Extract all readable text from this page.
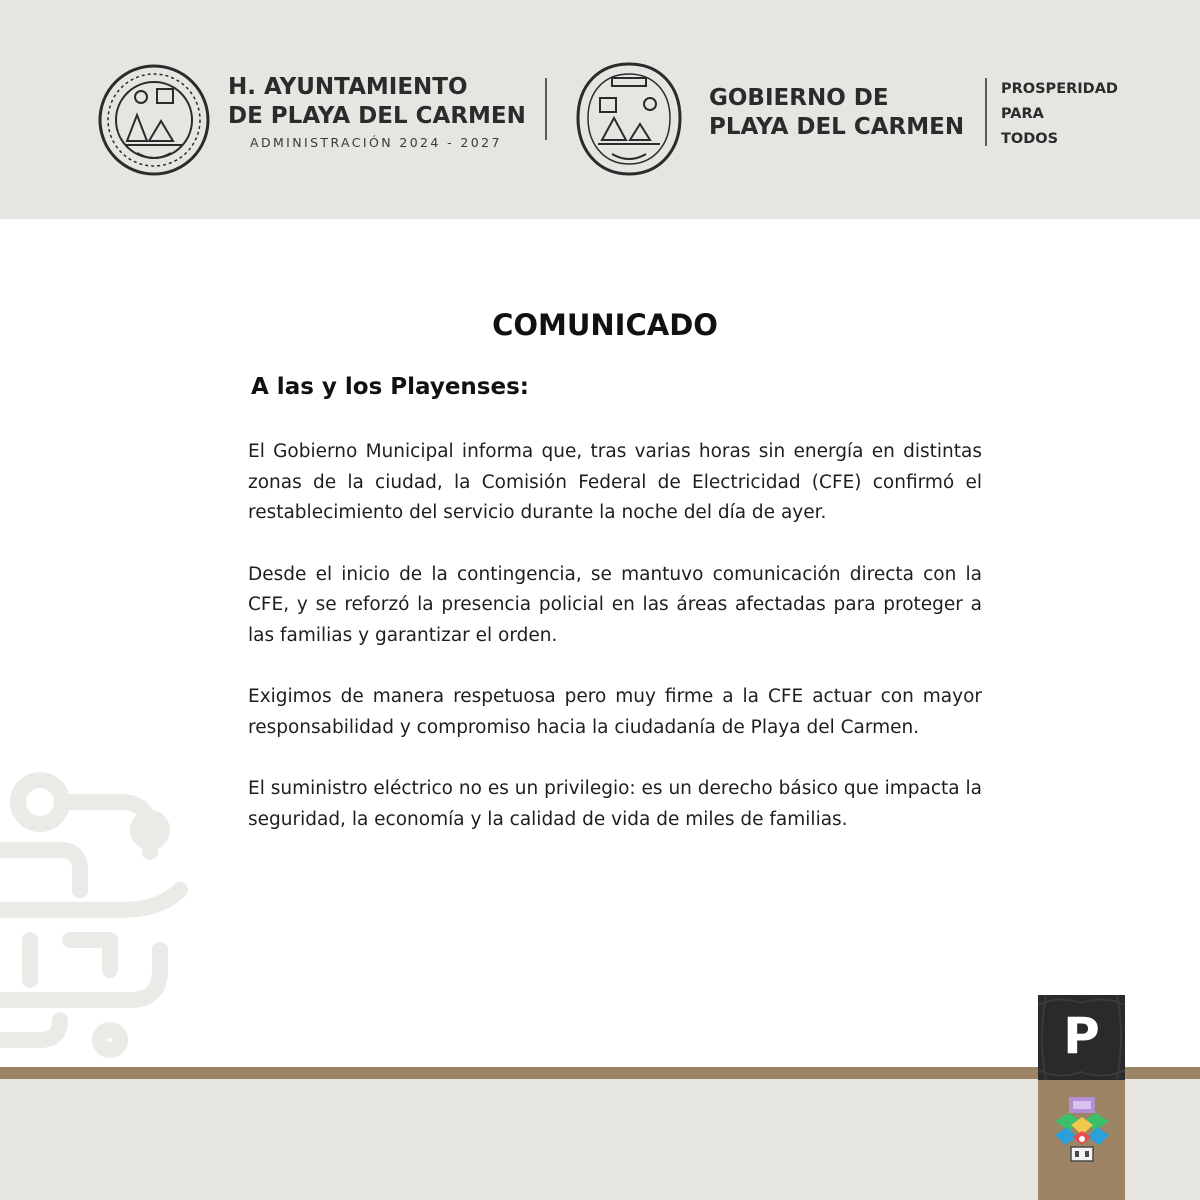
H. AYUNTAMIENTO
DE PLAYA DEL CARMEN
ADMINISTRACIÓN 2024 - 2027
GOBIERNO DE
PLAYA DEL CARMEN
PROSPERIDAD
PARA
TODOS
COMUNICADO
A las y los Playenses:

El Gobierno Municipal informa que, tras varias horas sin energía en distintas zonas de la ciudad, la Comisión Federal de Electricidad (CFE) confirmó el restablecimiento del servicio durante la noche del día de ayer.

Desde el inicio de la contingencia, se mantuvo comunicación directa con la CFE, y se reforzó la presencia policial en las áreas afectadas para proteger a las familias y garantizar el orden.

Exigimos de manera respetuosa pero muy firme a la CFE actuar con mayor responsabilidad y compromiso hacia la ciudadanía de Playa del Carmen.

El suministro eléctrico no es un privilegio: es un derecho básico que impacta la seguridad, la economía y la calidad de vida de miles de familias.

P
